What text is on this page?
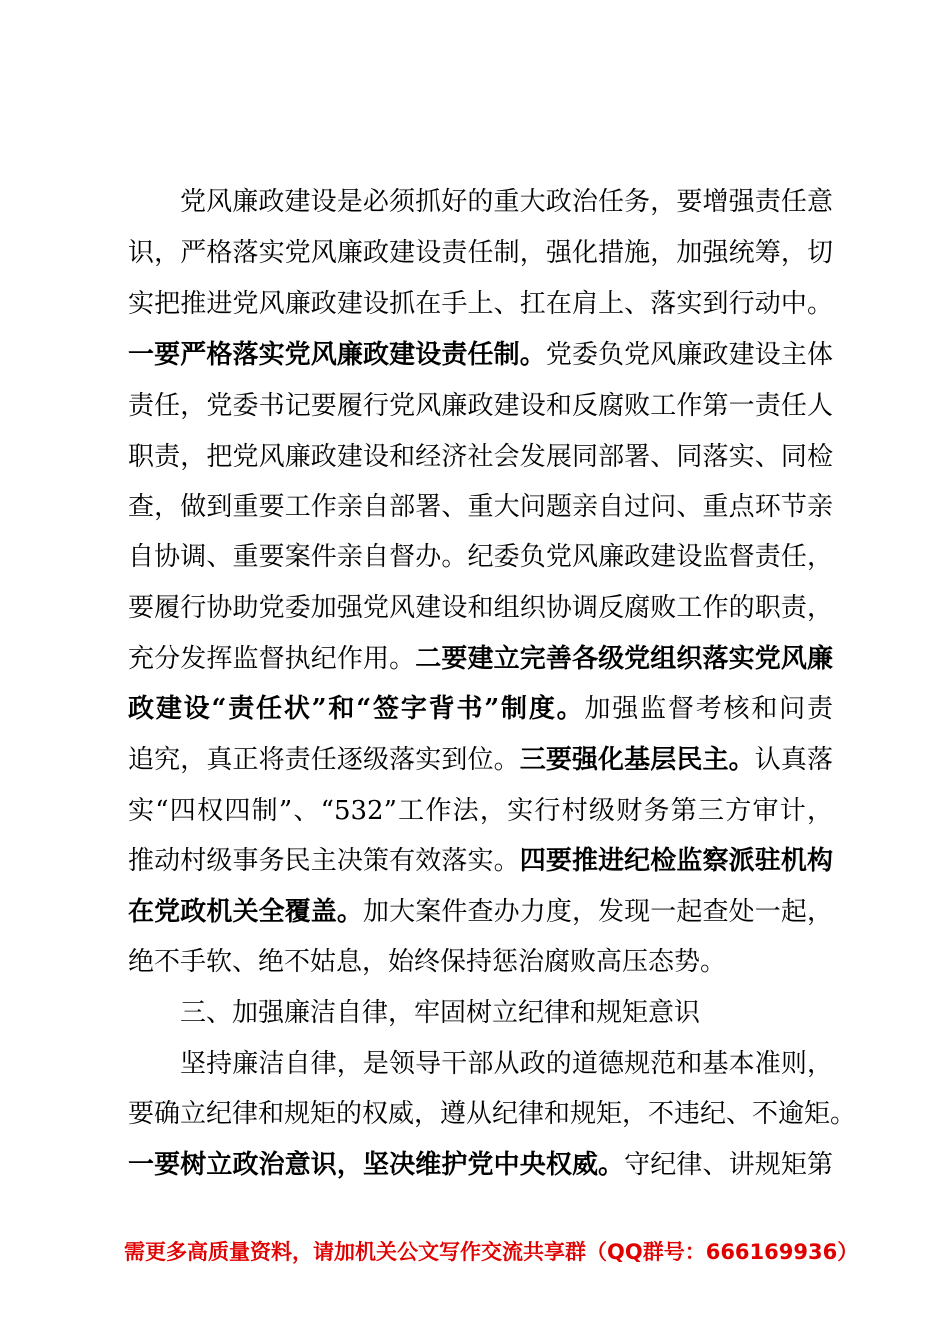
党风廉政建设是必须抓好的重大政治任务，要增强责任意
识，严格落实党风廉政建设责任制，强化措施，加强统筹，切
实把推进党风廉政建设抓在手上、扛在肩上、落实到行动中。
一要严格落实党风廉政建设责任制。党委负党风廉政建设主体
责任，党委书记要履行党风廉政建设和反腐败工作第一责任人
职责，把党风廉政建设和经济社会发展同部署、同落实、同检
查，做到重要工作亲自部署、重大问题亲自过问、重点环节亲
自协调、重要案件亲自督办。纪委负党风廉政建设监督责任，
要履行协助党委加强党风建设和组织协调反腐败工作的职责，
充分发挥监督执纪作用。二要建立完善各级党组织落实党风廉
政建设“责任状”和“签字背书”制度。加强监督考核和问责
追究，真正将责任逐级落实到位。三要强化基层民主。认真落
实“四权四制”、“532”工作法，实行村级财务第三方审计，
推动村级事务民主决策有效落实。四要推进纪检监察派驻机构
在党政机关全覆盖。加大案件查办力度，发现一起查处一起，
绝不手软、绝不姑息，始终保持惩治腐败高压态势。
三、加强廉洁自律，牢固树立纪律和规矩意识
坚持廉洁自律，是领导干部从政的道德规范和基本准则，
要确立纪律和规矩的权威，遵从纪律和规矩，不违纪、不逾矩。
一要树立政治意识，坚决维护党中央权威。守纪律、讲规矩第
需更多高质量资料，请加机关公文写作交流共享群（QQ群号：666169936）
